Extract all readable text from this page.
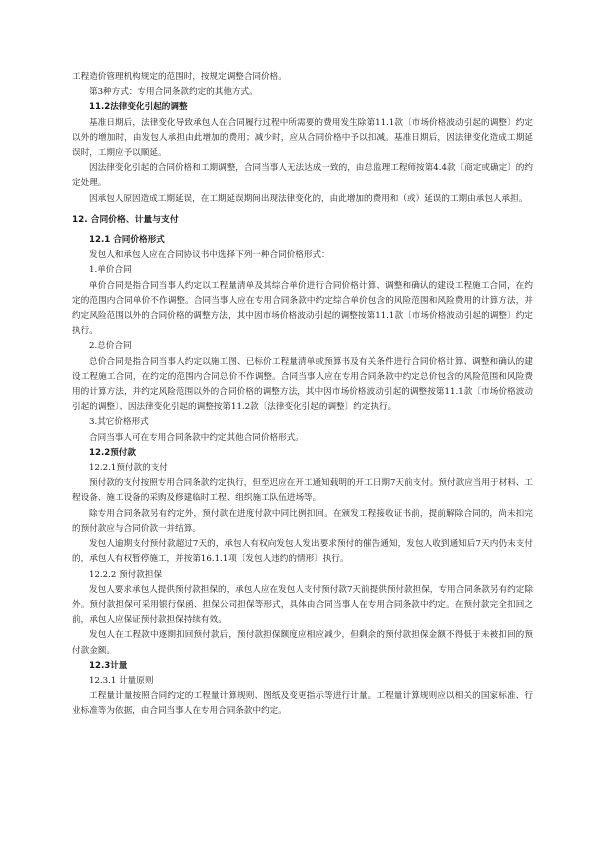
工程造价管理机构规定的范围时，按规定调整合同价格。

第3种方式：专用合同条款约定的其他方式。

11.2法律变化引起的调整

基准日期后，法律变化导致承包人在合同履行过程中所需要的费用发生除第11.1款〔市场价格波动引起的调整〕约定以外的增加时，由发包人承担由此增加的费用；减少时，应从合同价格中予以扣减。基准日期后，因法律变化造成工期延误时，工期应予以顺延。

因法律变化引起的合同价格和工期调整，合同当事人无法达成一致的，由总监理工程师按第4.4款〔商定或确定〕的约定处理。

因承包人原因造成工期延误，在工期延误期间出现法律变化的，由此增加的费用和（或）延误的工期由承包人承担。

12. 合同价格、计量与支付

12.1 合同价格形式

发包人和承包人应在合同协议书中选择下列一种合同价格形式：

1.单价合同

单价合同是指合同当事人约定以工程量清单及其综合单价进行合同价格计算、调整和确认的建设工程施工合同，在约定的范围内合同单价不作调整。合同当事人应在专用合同条款中约定综合单价包含的风险范围和风险费用的计算方法，并约定风险范围以外的合同价格的调整方法，其中因市场价格波动引起的调整按第11.1款〔市场价格波动引起的调整〕约定执行。

2.总价合同

总价合同是指合同当事人约定以施工图、已标价工程量清单或预算书及有关条件进行合同价格计算、调整和确认的建设工程施工合同，在约定的范围内合同总价不作调整。合同当事人应在专用合同条款中约定总价包含的风险范围和风险费用的计算方法，并约定风险范围以外的合同价格的调整方法，其中因市场价格波动引起的调整按第11.1款〔市场价格波动引起的调整〕、因法律变化引起的调整按第11.2款〔法律变化引起的调整〕约定执行。

3.其它价格形式

合同当事人可在专用合同条款中约定其他合同价格形式。

12.2预付款

12.2.1预付款的支付

预付款的支付按照专用合同条款约定执行，但至迟应在开工通知载明的开工日期7天前支付。预付款应当用于材料、工程设备、施工设备的采购及修建临时工程、组织施工队伍进场等。

除专用合同条款另有约定外，预付款在进度付款中同比例扣回。在颁发工程接收证书前，提前解除合同的，尚未扣完的预付款应与合同价款一并结算。

发包人逾期支付预付款超过7天的，承包人有权向发包人发出要求预付的催告通知，发包人收到通知后7天内仍未支付的，承包人有权暂停施工，并按第16.1.1项〔发包人违约的情形〕执行。

12.2.2 预付款担保

发包人要求承包人提供预付款担保的，承包人应在发包人支付预付款7天前提供预付款担保，专用合同条款另有约定除外。预付款担保可采用银行保函、担保公司担保等形式，具体由合同当事人在专用合同条款中约定。在预付款完全扣回之前，承包人应保证预付款担保持续有效。

发包人在工程款中逐期扣回预付款后，预付款担保额度应相应减少，但剩余的预付款担保金额不得低于未被扣回的预付款金额。

12.3计量

12.3.1 计量原则

工程量计量按照合同约定的工程量计算规则、图纸及变更指示等进行计量。工程量计算规则应以相关的国家标准、行业标准等为依据，由合同当事人在专用合同条款中约定。
